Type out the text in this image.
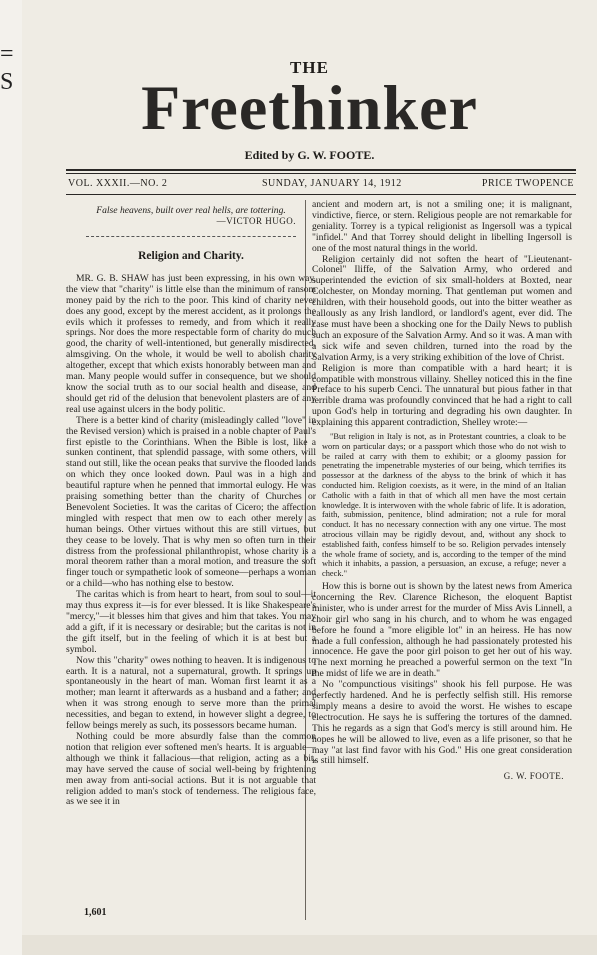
=
S
THE
Freethinker
Edited by G. W. FOOTE.
VOL. XXXII.—NO. 2	SUNDAY, JANUARY 14, 1912	PRICE TWOPENCE
False heavens, built over real hells, are tottering.
—VICTOR HUGO.
Religion and Charity.

MR. G. B. SHAW has just been expressing, in his own way, the view that "charity" is little else than the minimum of ransom money paid by the rich to the poor. This kind of charity never does any good, except by the merest accident, as it prolongs the evils which it professes to remedy, and from which it really springs. Nor does the more respectable form of charity do much good, the charity of well-intentioned, but generally misdirected, almsgiving. On the whole, it would be well to abolish charity altogether, except that which exists honorably between man and man. Many people would suffer in consequence, but we should know the social truth as to our social health and disease, and should get rid of the delusion that benevolent plasters are of any real use against ulcers in the body politic.

There is a better kind of charity (misleadingly called "love" in the Revised version) which is praised in a noble chapter of Paul's first epistle to the Corinthians. When the Bible is lost, like a sunken continent, that splendid passage, with some others, will stand out still, like the ocean peaks that survive the flooded lands on which they once looked down. Paul was in a high and beautiful rapture when he penned that immortal eulogy. He was praising something better than the charity of Churches or Benevolent Societies. It was the caritas of Cicero; the affection mingled with respect that men ow to each other merely as human beings. Other virtues without this are still virtues, but they cease to be lovely. That is why men so often turn in their distress from the professional philanthropist, whose charity is a moral theorem rather than a moral motion, and treasure the soft finger touch or sympathetic look of someone—perhaps a woman or a child—who has nothing else to bestow.

The caritas which is from heart to heart, from soul to soul—it may thus express it—is for ever blessed. It is like Shakespeare's "mercy,"—it blesses him that gives and him that takes. You may add a gift, if it is necessary or desirable; but the caritas is not in the gift itself, but in the feeling of which it is at best but a symbol.

Now this "charity" owes nothing to heaven. It is indigenous to earth. It is a natural, not a supernatural, growth. It springs up spontaneously in the heart of man. Woman first learnt it as a mother; man learnt it afterwards as a husband and a father; and when it was strong enough to serve more than the primal necessities, and began to extend, in however slight a degree, to fellow beings merely as such, its possessors became human.

Nothing could be more absurdly false than the common notion that religion ever softened men's hearts. It is arguable—although we think it fallacious—that religion, acting as a bit, may have served the cause of social well-being by frightening men away from anti-social actions. But it is not arguable that religion added to man's stock of tenderness. The religious face, as we see it in

ancient and modern art, is not a smiling one; it is malignant, vindictive, fierce, or stern. Religious people are not remarkable for geniality. Torrey is a typical religionist as Ingersoll was a typical "infidel." And that Torrey should delight in libelling Ingersoll is one of the most natural things in the world.

Religion certainly did not soften the heart of "Lieutenant-Colonel" Iliffe, of the Salvation Army, who ordered and superintended the eviction of six small-holders at Boxted, near Colchester, on Monday morning. That gentleman put women and children, with their household goods, out into the bitter weather as callously as any Irish landlord, or landlord's agent, ever did. The case must have been a shocking one for the Daily News to publish such an exposure of the Salvation Army. And so it was. A man with a sick wife and seven children, turned into the road by the Salvation Army, is a very striking exhibition of the love of Christ.

Religion is more than compatible with a hard heart; it is compatible with monstrous villainy. Shelley noticed this in the fine Preface to his superb Cenci. The unnatural but pious father in that terrible drama was profoundly convinced that he had a right to call upon God's help in torturing and degrading his own daughter. In explaining this apparent contradiction, Shelley wrote:—

"But religion in Italy is not, as in Protestant countries, a cloak to be worn on particular days; or a passport which those who do not wish to be railed at carry with them to exhibit; or a gloomy passion for penetrating the impenetrable mysteries of our being, which terrifies its possessor at the darkness of the abyss to the brink of which it has conducted him. Religion coexists, as it were, in the mind of an Italian Catholic with a faith in that of which all men have the most certain knowledge. It is interwoven with the whole fabric of life. It is adoration, faith, submission, penitence, blind admiration; not a rule for moral conduct. It has no necessary connection with any one virtue. The most atrocious villain may be rigidly devout, and, without any shock to established faith, confess himself to be so. Religion pervades intensely the whole frame of society, and is, according to the temper of the mind which it inhabits, a passion, a persuasion, an excuse, a refuge; never a check."

How this is borne out is shown by the latest news from America concerning the Rev. Clarence Richeson, the eloquent Baptist minister, who is under arrest for the murder of Miss Avis Linnell, a choir girl who sang in his church, and to whom he was engaged before he found a "more eligible lot" in an heiress. He has now made a full confession, although he had passionately protested his innocence. He gave the poor girl poison to get her out of his way. The next morning he preached a powerful sermon on the text "In the midst of life we are in death."

No "compunctious visitings" shook his fell purpose. He was perfectly hardened. And he is perfectly selfish still. His remorse simply means a desire to avoid the worst. He wishes to escape electrocution. He says he is suffering the tortures of the damned. This he regards as a sign that God's mercy is still around him. He hopes he will be allowed to live, even as a life prisoner, so that he may "at last find favor with his God." His one great consideration is still himself.

G. W. FOOTE.
1,601
